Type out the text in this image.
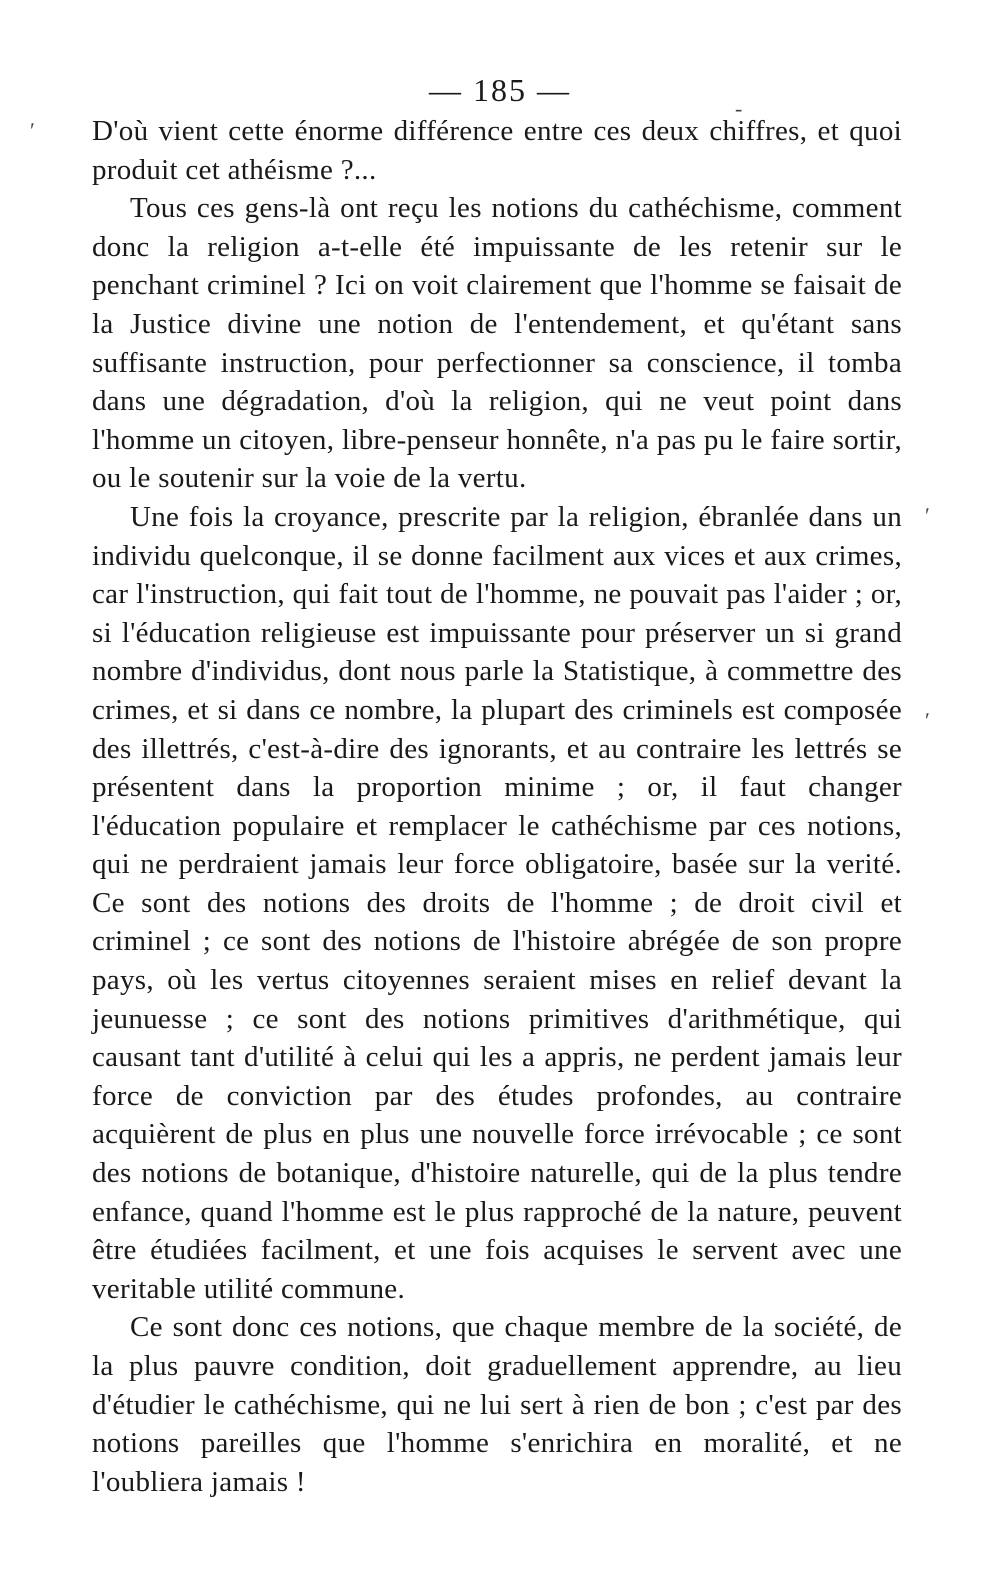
— 185 —

D'où vient cette énorme différence entre ces deux chiffres, et quoi produit cet athéisme ?...

Tous ces gens-là ont reçu les notions du cathéchisme, comment donc la religion a-t-elle été impuissante de les retenir sur le penchant criminel ? Ici on voit clairement que l'homme se faisait de la Justice divine une notion de l'entendement, et qu'étant sans suffisante instruction, pour perfectionner sa conscience, il tomba dans une dégradation, d'où la religion, qui ne veut point dans l'homme un citoyen, libre-penseur honnête, n'a pas pu le faire sortir, ou le soutenir sur la voie de la vertu.

Une fois la croyance, prescrite par la religion, ébranlée dans un individu quelconque, il se donne facilment aux vices et aux crimes, car l'instruction, qui fait tout de l'homme, ne pouvait pas l'aider ; or, si l'éducation religieuse est impuissante pour préserver un si grand nombre d'individus, dont nous parle la Statistique, à commettre des crimes, et si dans ce nombre, la plupart des criminels est composée des illettrés, c'est-à-dire des ignorants, et au contraire les lettrés se présentent dans la proportion minime ; or, il faut changer l'éducation populaire et remplacer le cathéchisme par ces notions, qui ne perdraient jamais leur force obligatoire, basée sur la verité. Ce sont des notions des droits de l'homme ; de droit civil et criminel ; ce sont des notions de l'histoire abrégée de son propre pays, où les vertus citoyennes seraient mises en relief devant la jeunuesse ; ce sont des notions primitives d'arithmétique, qui causant tant d'utilité à celui qui les a appris, ne perdent jamais leur force de conviction par des études profondes, au contraire acquièrent de plus en plus une nouvelle force irrévocable ; ce sont des notions de botanique, d'histoire naturelle, qui de la plus tendre enfance, quand l'homme est le plus rapproché de la nature, peuvent être étudiées facilment, et une fois acquises le servent avec une veritable utilité commune.

Ce sont donc ces notions, que chaque membre de la société, de la plus pauvre condition, doit graduellement apprendre, au lieu d'étudier le cathéchisme, qui ne lui sert à rien de bon ; c'est par des notions pareilles que l'homme s'enrichira en moralité, et ne l'oubliera jamais !

ʹ
ʹ
ʹ
-
